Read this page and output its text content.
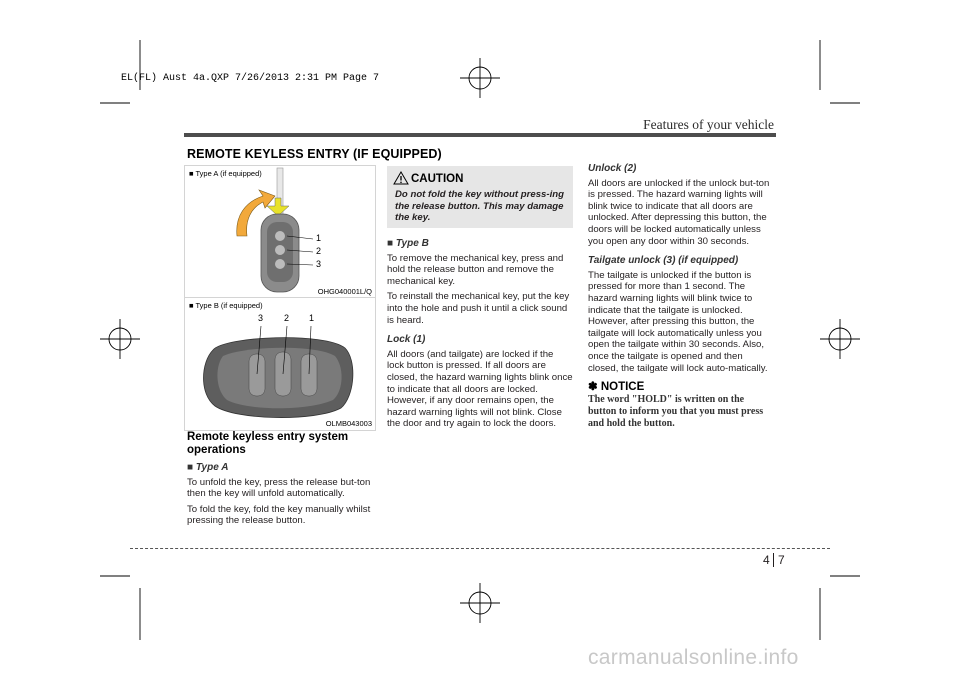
EL(FL) Aust 4a.QXP 7/26/2013 2:31 PM Page 7
Features of your vehicle
REMOTE KEYLESS ENTRY (IF EQUIPPED)
■ Type A (if equipped)
1
2
3
OHG040001L/Q
■ Type B (if equipped)
3 2 1
OLMB043003
Remote keyless entry system operations
■ Type A

To unfold the key, press the release but-ton then the key will unfold automatically.

To fold the key, fold the key manually whilst pressing the release button.

CAUTION
Do not fold the key without press-ing the release button. This may damage the key.
■ Type B

To remove the mechanical key, press and hold the release button and remove the mechanical key.

To reinstall the mechanical key, put the key into the hole and push it until a click sound is heard.

Lock (1)

All doors (and tailgate) are locked if the lock button is pressed. If all doors are closed, the hazard warning lights blink once to indicate that all doors are locked. However, if any door remains open, the hazard warning lights will not blink. Close the door and try again to lock the doors.

Unlock (2)

All doors are unlocked if the unlock but-ton is pressed. The hazard warning lights will blink twice to indicate that all doors are unlocked. After depressing this button, the doors will be locked automatically unless you open any door within 30 seconds.

Tailgate unlock (3) (if equipped)

The tailgate is unlocked if the button is pressed for more than 1 second. The hazard warning lights will blink twice to indicate that the tailgate is unlocked. However, after pressing this button, the tailgate will lock automatically unless you open the tailgate within 30 seconds. Also, once the tailgate is opened and then closed, the tailgate will lock auto-matically.

✽ NOTICE
The word "HOLD" is written on the button to inform you that you must press and hold the button.
4 7
carmanualsonline.info
